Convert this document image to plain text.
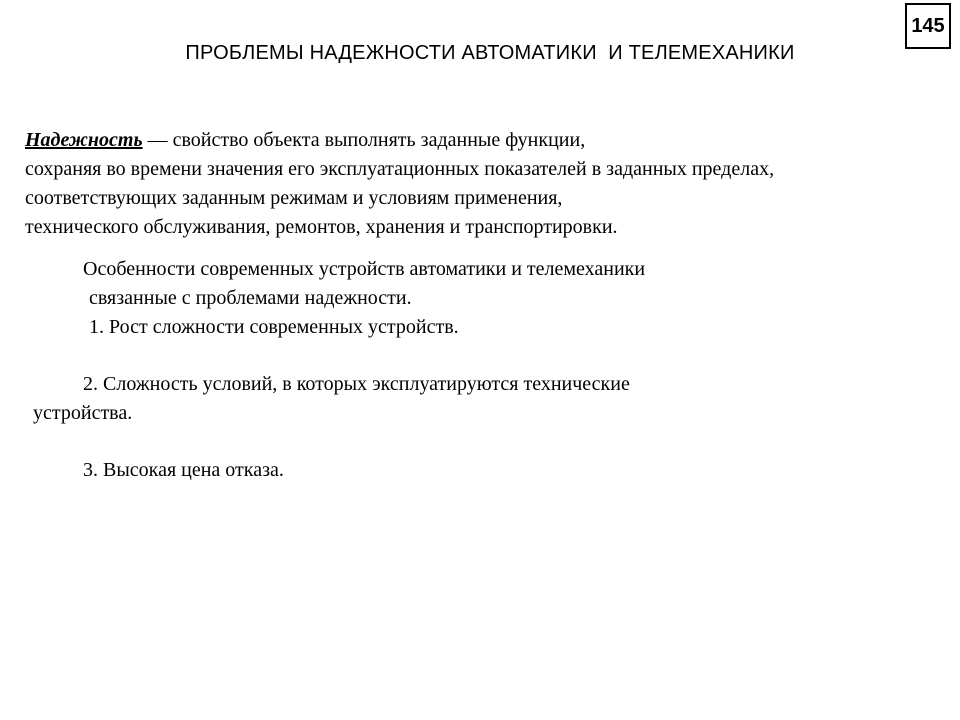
145
ПРОБЛЕМЫ НАДЕЖНОСТИ АВТОМАТИКИ  И ТЕЛЕМЕХАНИКИ
Надежность — свойство объекта выполнять заданные функции,
сохраняя во времени значения его эксплуатационных показателей в заданных пределах,
соответствующих заданным режимам и условиям применения,
технического обслуживания, ремонтов, хранения и транспортировки.
Особенности современных устройств автоматики и телемеханики
связанные с проблемами надежности.
1. Рост сложности современных устройств.
2. Сложность условий, в которых эксплуатируются технические
устройства.
3. Высокая цена отказа.
